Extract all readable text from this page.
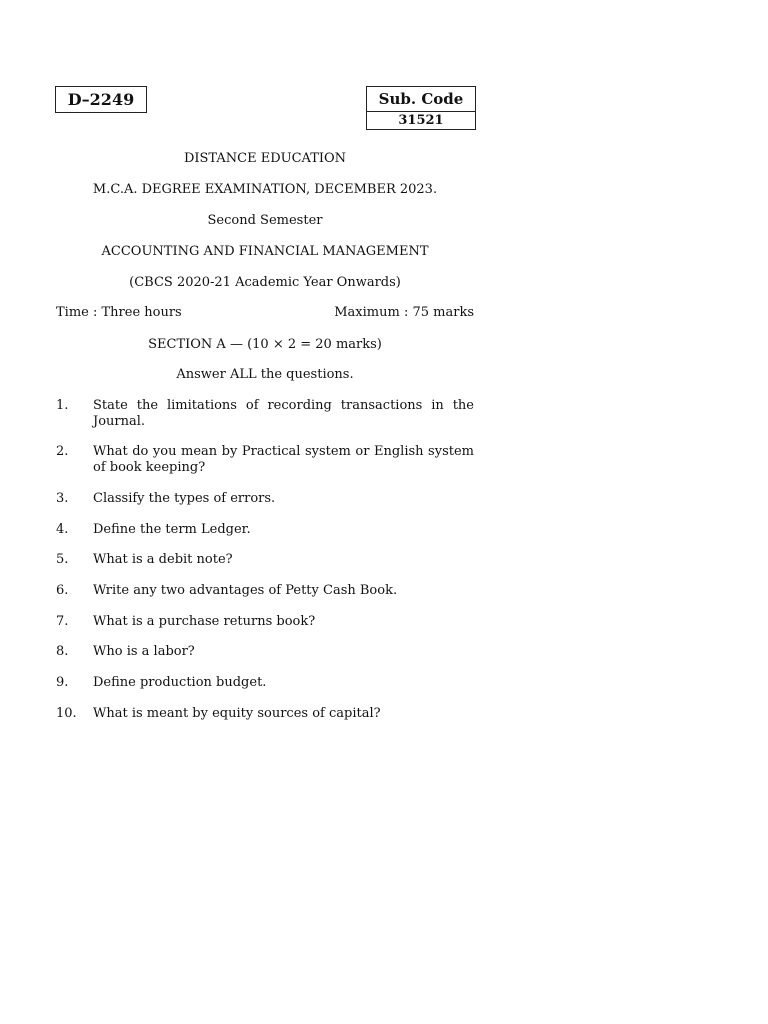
D–2249	Sub. Code
31521
DISTANCE EDUCATION
M.C.A. DEGREE EXAMINATION, DECEMBER 2023.
Second Semester
ACCOUNTING AND FINANCIAL MANAGEMENT
(CBCS 2020-21 Academic Year Onwards)
Time : Three hours	Maximum : 75 marks
SECTION A — (10 × 2 = 20 marks)
Answer ALL the questions.
1. State the limitations of recording transactions in the Journal.
2. What do you mean by Practical system or English system of book keeping?
3. Classify the types of errors.
4. Define the term Ledger.
5. What is a debit note?
6. Write any two advantages of Petty Cash Book.
7. What is a purchase returns book?
8. Who is a labor?
9. Define production budget.
10. What is meant by equity sources of capital?
